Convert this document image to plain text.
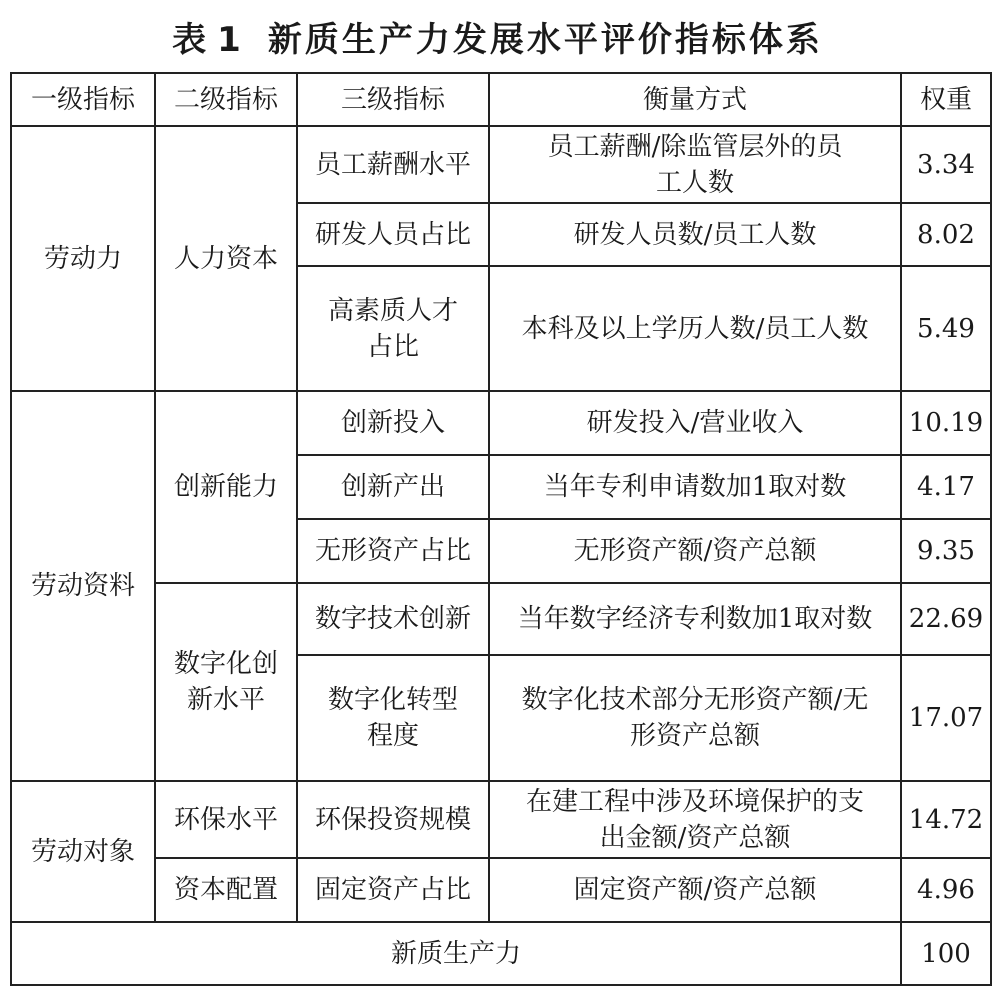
表 1 新质生产力发展水平评价指标体系
一级指标	二级指标	三级指标	衡量方式	权重
劳动力	人力资本	员工薪酬水平	员工薪酬/除监管层外的员工人数	3.34
		研发人员占比	研发人员数/员工人数	8.02
		高素质人才占比	本科及以上学历人数/员工人数	5.49
劳动资料	创新能力	创新投入	研发投入/营业收入	10.19
		创新产出	当年专利申请数加1取对数	4.17
		无形资产占比	无形资产额/资产总额	9.35
	数字化创新水平	数字技术创新	当年数字经济专利数加1取对数	22.69
		数字化转型程度	数字化技术部分无形资产额/无形资产总额	17.07
劳动对象	环保水平	环保投资规模	在建工程中涉及环境保护的支出金额/资产总额	14.72
	资本配置	固定资产占比	固定资产额/资产总额	4.96
新质生产力				100
